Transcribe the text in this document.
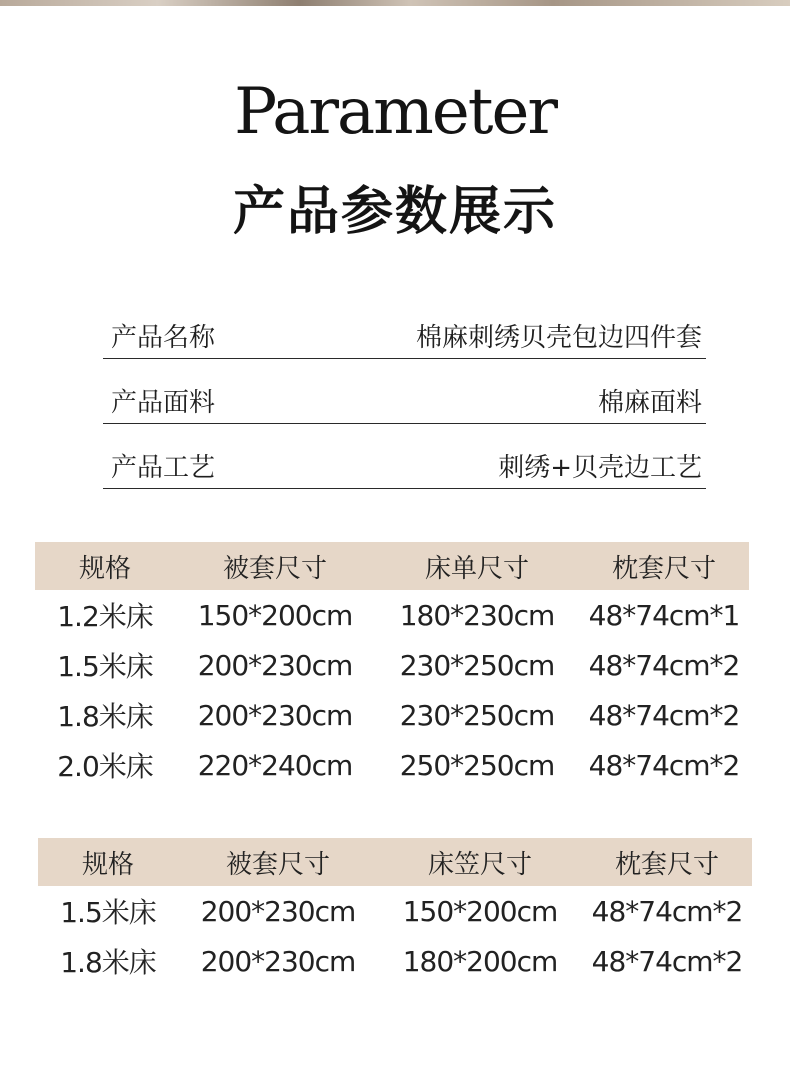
Parameter
产品参数展示
产品名称	棉麻刺绣贝壳包边四件套
产品面料	棉麻面料
产品工艺	刺绣+贝壳边工艺
规格	被套尺寸	床单尺寸	枕套尺寸
1.2米床	150*200cm	180*230cm	48*74cm*1
1.5米床	200*230cm	230*250cm	48*74cm*2
1.8米床	200*230cm	230*250cm	48*74cm*2
2.0米床	220*240cm	250*250cm	48*74cm*2
规格	被套尺寸	床笠尺寸	枕套尺寸
1.5米床	200*230cm	150*200cm	48*74cm*2
1.8米床	200*230cm	180*200cm	48*74cm*2
